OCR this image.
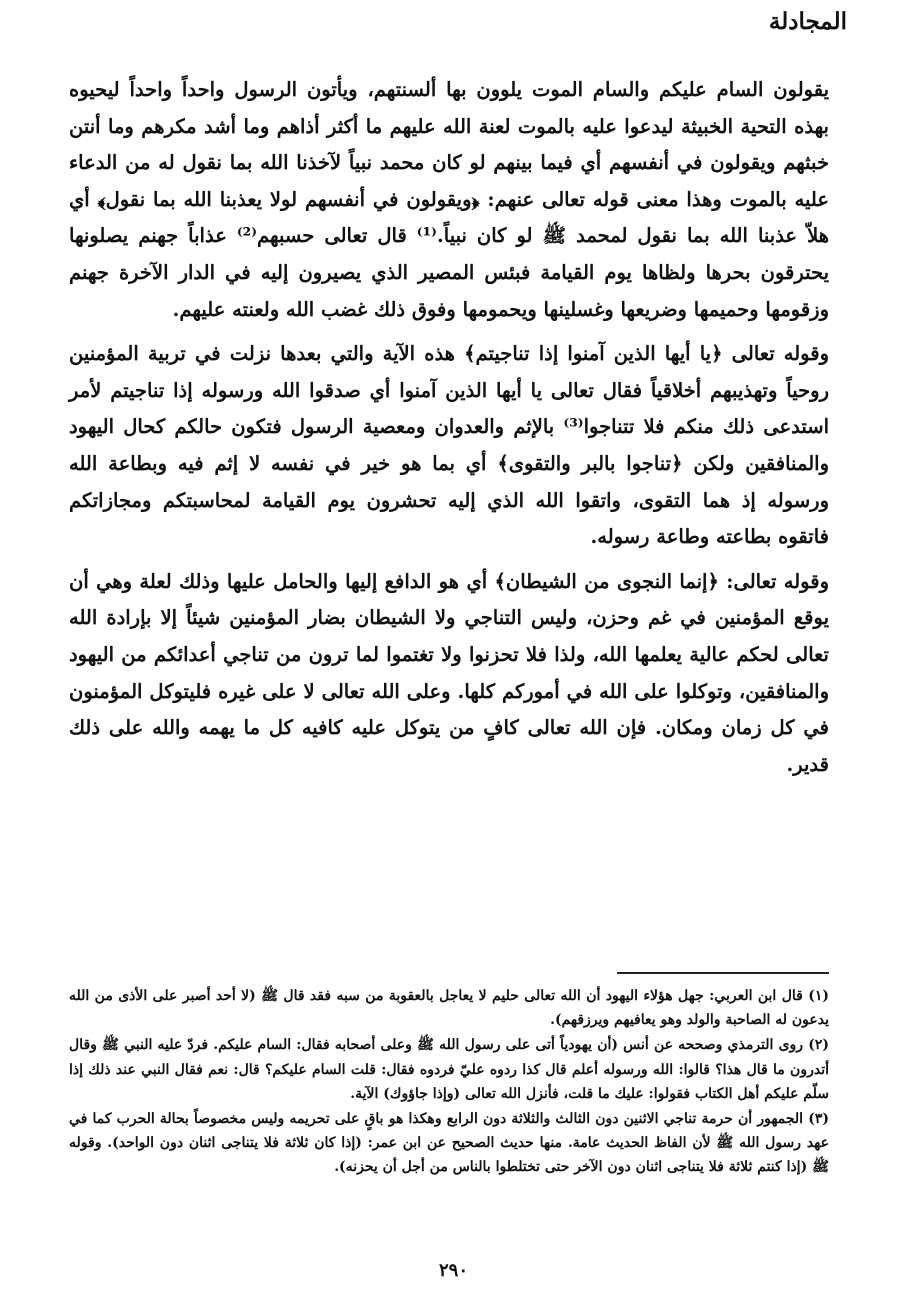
المجادلة

يقولون السام عليكم والسام الموت يلوون بها ألسنتهم، ويأتون الرسول واحداً واحداً ليحيوه بهذه التحية الخبيثة ليدعوا عليه بالموت لعنة الله عليهم ما أكثر أذاهم وما أشد مكرهم وما أنتن خبثهم ويقولون في أنفسهم أي فيما بينهم لو كان محمد نبياً لآخذنا الله بما نقول له من الدعاء عليه بالموت وهذا معنى قوله تعالى عنهم: ﴿ويقولون في أنفسهم لولا يعذبنا الله بما نقول﴾ أي هلاّ عذبنا الله بما نقول لمحمد ﷺ لو كان نبياً.⁽¹⁾ قال تعالى حسبهم⁽²⁾ عذاباً جهنم يصلونها يحترقون بحرها ولظاها يوم القيامة فبئس المصير الذي يصيرون إليه في الدار الآخرة جهنم وزقومها وحميمها وضريعها وغسلينها ويحمومها وفوق ذلك غضب الله ولعنته عليهم.

وقوله تعالى ﴿يا أيها الذين آمنوا إذا تناجيتم﴾ هذه الآية والتي بعدها نزلت في تربية المؤمنين روحياً وتهذيبهم أخلاقياً فقال تعالى يا أيها الذين آمنوا أي صدقوا الله ورسوله إذا تناجيتم لأمر استدعى ذلك منكم فلا تتناجوا⁽³⁾ بالإثم والعدوان ومعصية الرسول فتكون حالكم كحال اليهود والمنافقين ولكن ﴿تناجوا بالبر والتقوى﴾ أي بما هو خير في نفسه لا إثم فيه وبطاعة الله ورسوله إذ هما التقوى، واتقوا الله الذي إليه تحشرون يوم القيامة لمحاسبتكم ومجازاتكم فاتقوه بطاعته وطاعة رسوله.

وقوله تعالى: ﴿إنما النجوى من الشيطان﴾ أي هو الدافع إليها والحامل عليها وذلك لعلة وهي أن يوقع المؤمنين في غم وحزن، وليس التناجي ولا الشيطان بضار المؤمنين شيئاً إلا بإرادة الله تعالى لحكم عالية يعلمها الله، ولذا فلا تحزنوا ولا تغتموا لما ترون من تناجي أعدائكم من اليهود والمنافقين، وتوكلوا على الله في أموركم كلها. وعلى الله تعالى لا على غيره فليتوكل المؤمنون في كل زمان ومكان. فإن الله تعالى كافٍ من يتوكل عليه كافيه كل ما يهمه والله على ذلك قدير.

(١) قال ابن العربي: جهل هؤلاء اليهود أن الله تعالى حليم لا يعاجل بالعقوبة من سبه فقد قال ﷺ (لا أحد أصبر على الأذى من الله يدعون له الصاحبة والولد وهو يعافيهم ويرزقهم).

(٢) روى الترمذي وصححه عن أنس (أن يهودياً أتى على رسول الله ﷺ وعلى أصحابه فقال: السام عليكم. فردّ عليه النبي ﷺ وقال أتدرون ما قال هذا؟ قالوا: الله ورسوله أعلم قال كذا ردوه عليّ فردوه فقال: قلت السام عليكم؟ قال: نعم فقال النبي عند ذلك إذا سلّم عليكم أهل الكتاب فقولوا: عليك ما قلت، فأنزل الله تعالى (وإذا جاؤوك) الآية.

(٣) الجمهور أن حرمة تناجي الاثنين دون الثالث والثلاثة دون الرابع وهكذا هو باقٍ على تحريمه وليس مخصوصاً بحالة الحرب كما في عهد رسول الله ﷺ لأن الفاظ الحديث عامة. منها حديث الصحيح عن ابن عمر: (إذا كان ثلاثة فلا يتناجى اثنان دون الواحد). وقوله ﷺ (إذا كنتم ثلاثة فلا يتناجى اثنان دون الآخر حتى تختلطوا بالناس من أجل أن يحزنه).

٢٩٠
